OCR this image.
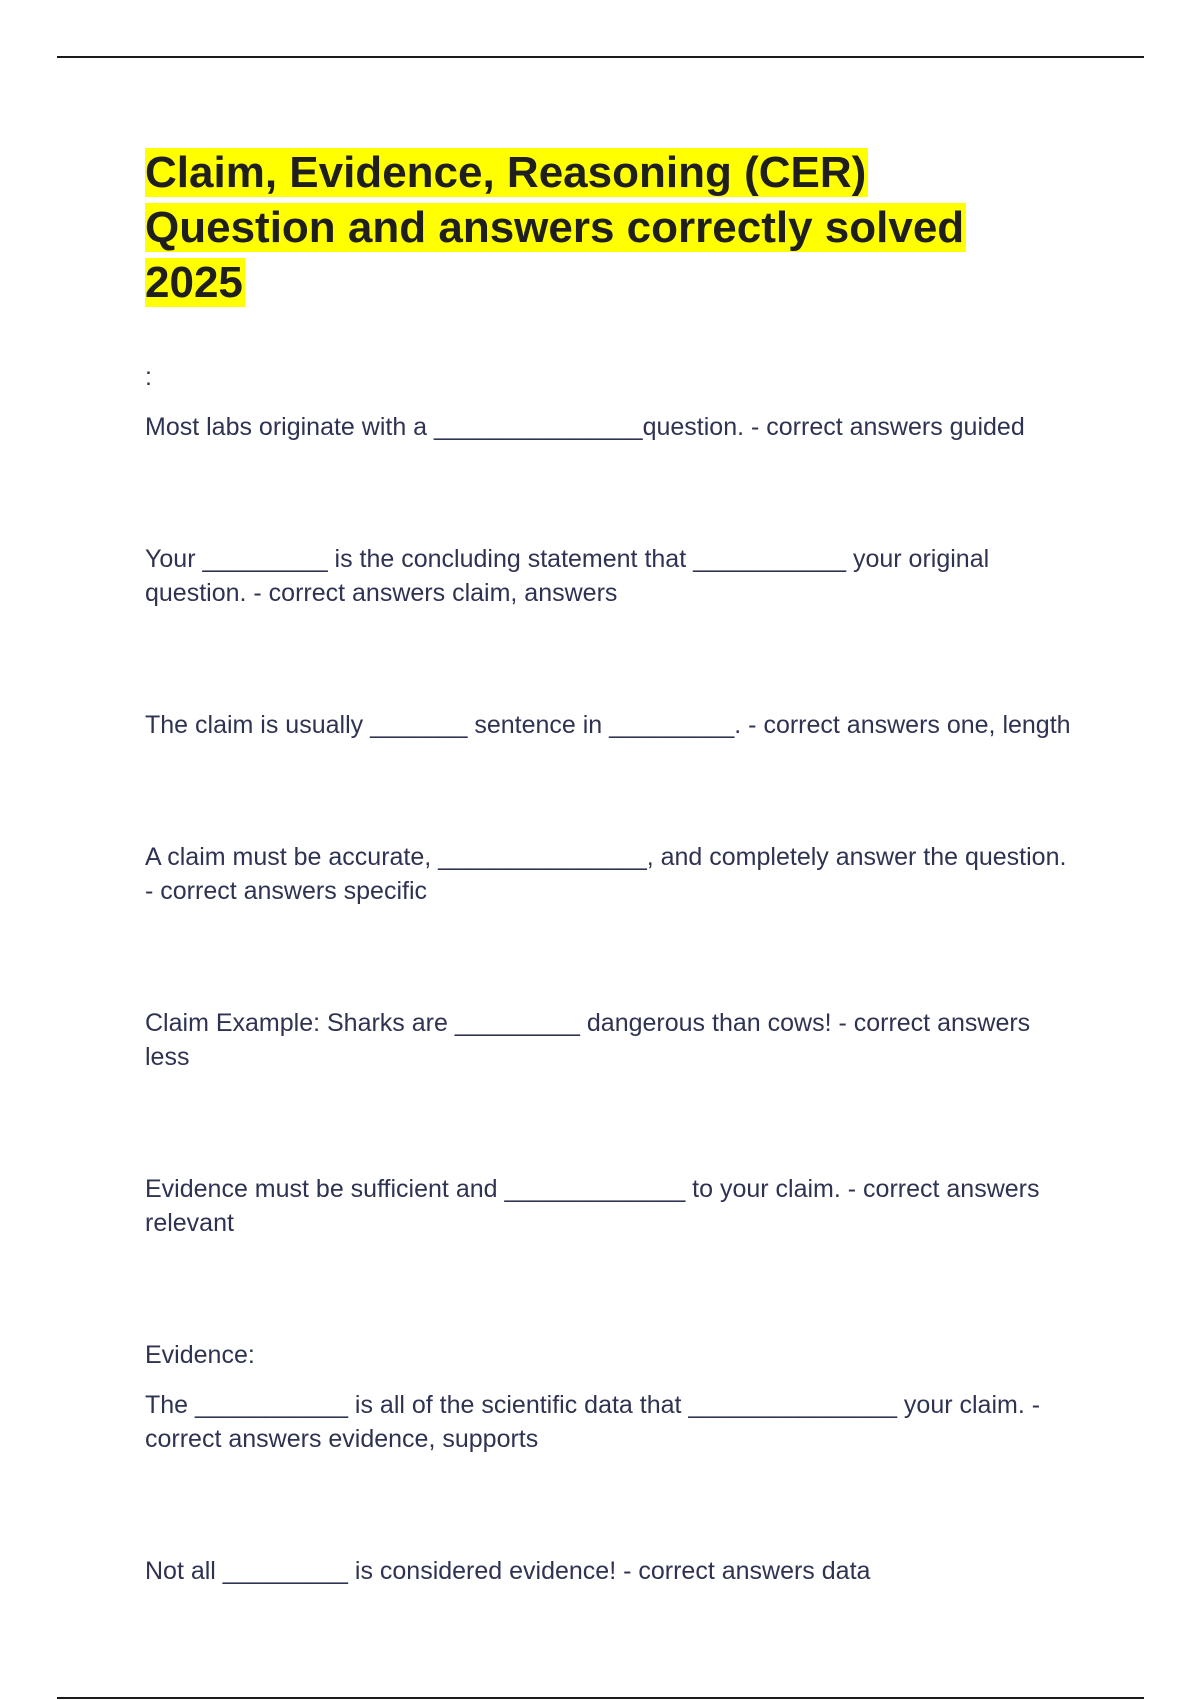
Claim, Evidence, Reasoning (CER)
Question and answers correctly solved
2025
:

Most labs originate with a _______________question. - correct answers guided

Your _________ is the concluding statement that ___________ your original question. - correct answers claim, answers

The claim is usually _______ sentence in _________. - correct answers one, length

A claim must be accurate, _______________, and completely answer the question. - correct answers specific

Claim Example: Sharks are _________ dangerous than cows! - correct answers less

Evidence must be sufficient and _____________ to your claim. - correct answers relevant

Evidence:

The ___________ is all of the scientific data that _______________ your claim. - correct answers evidence, supports

Not all _________ is considered evidence! - correct answers data
